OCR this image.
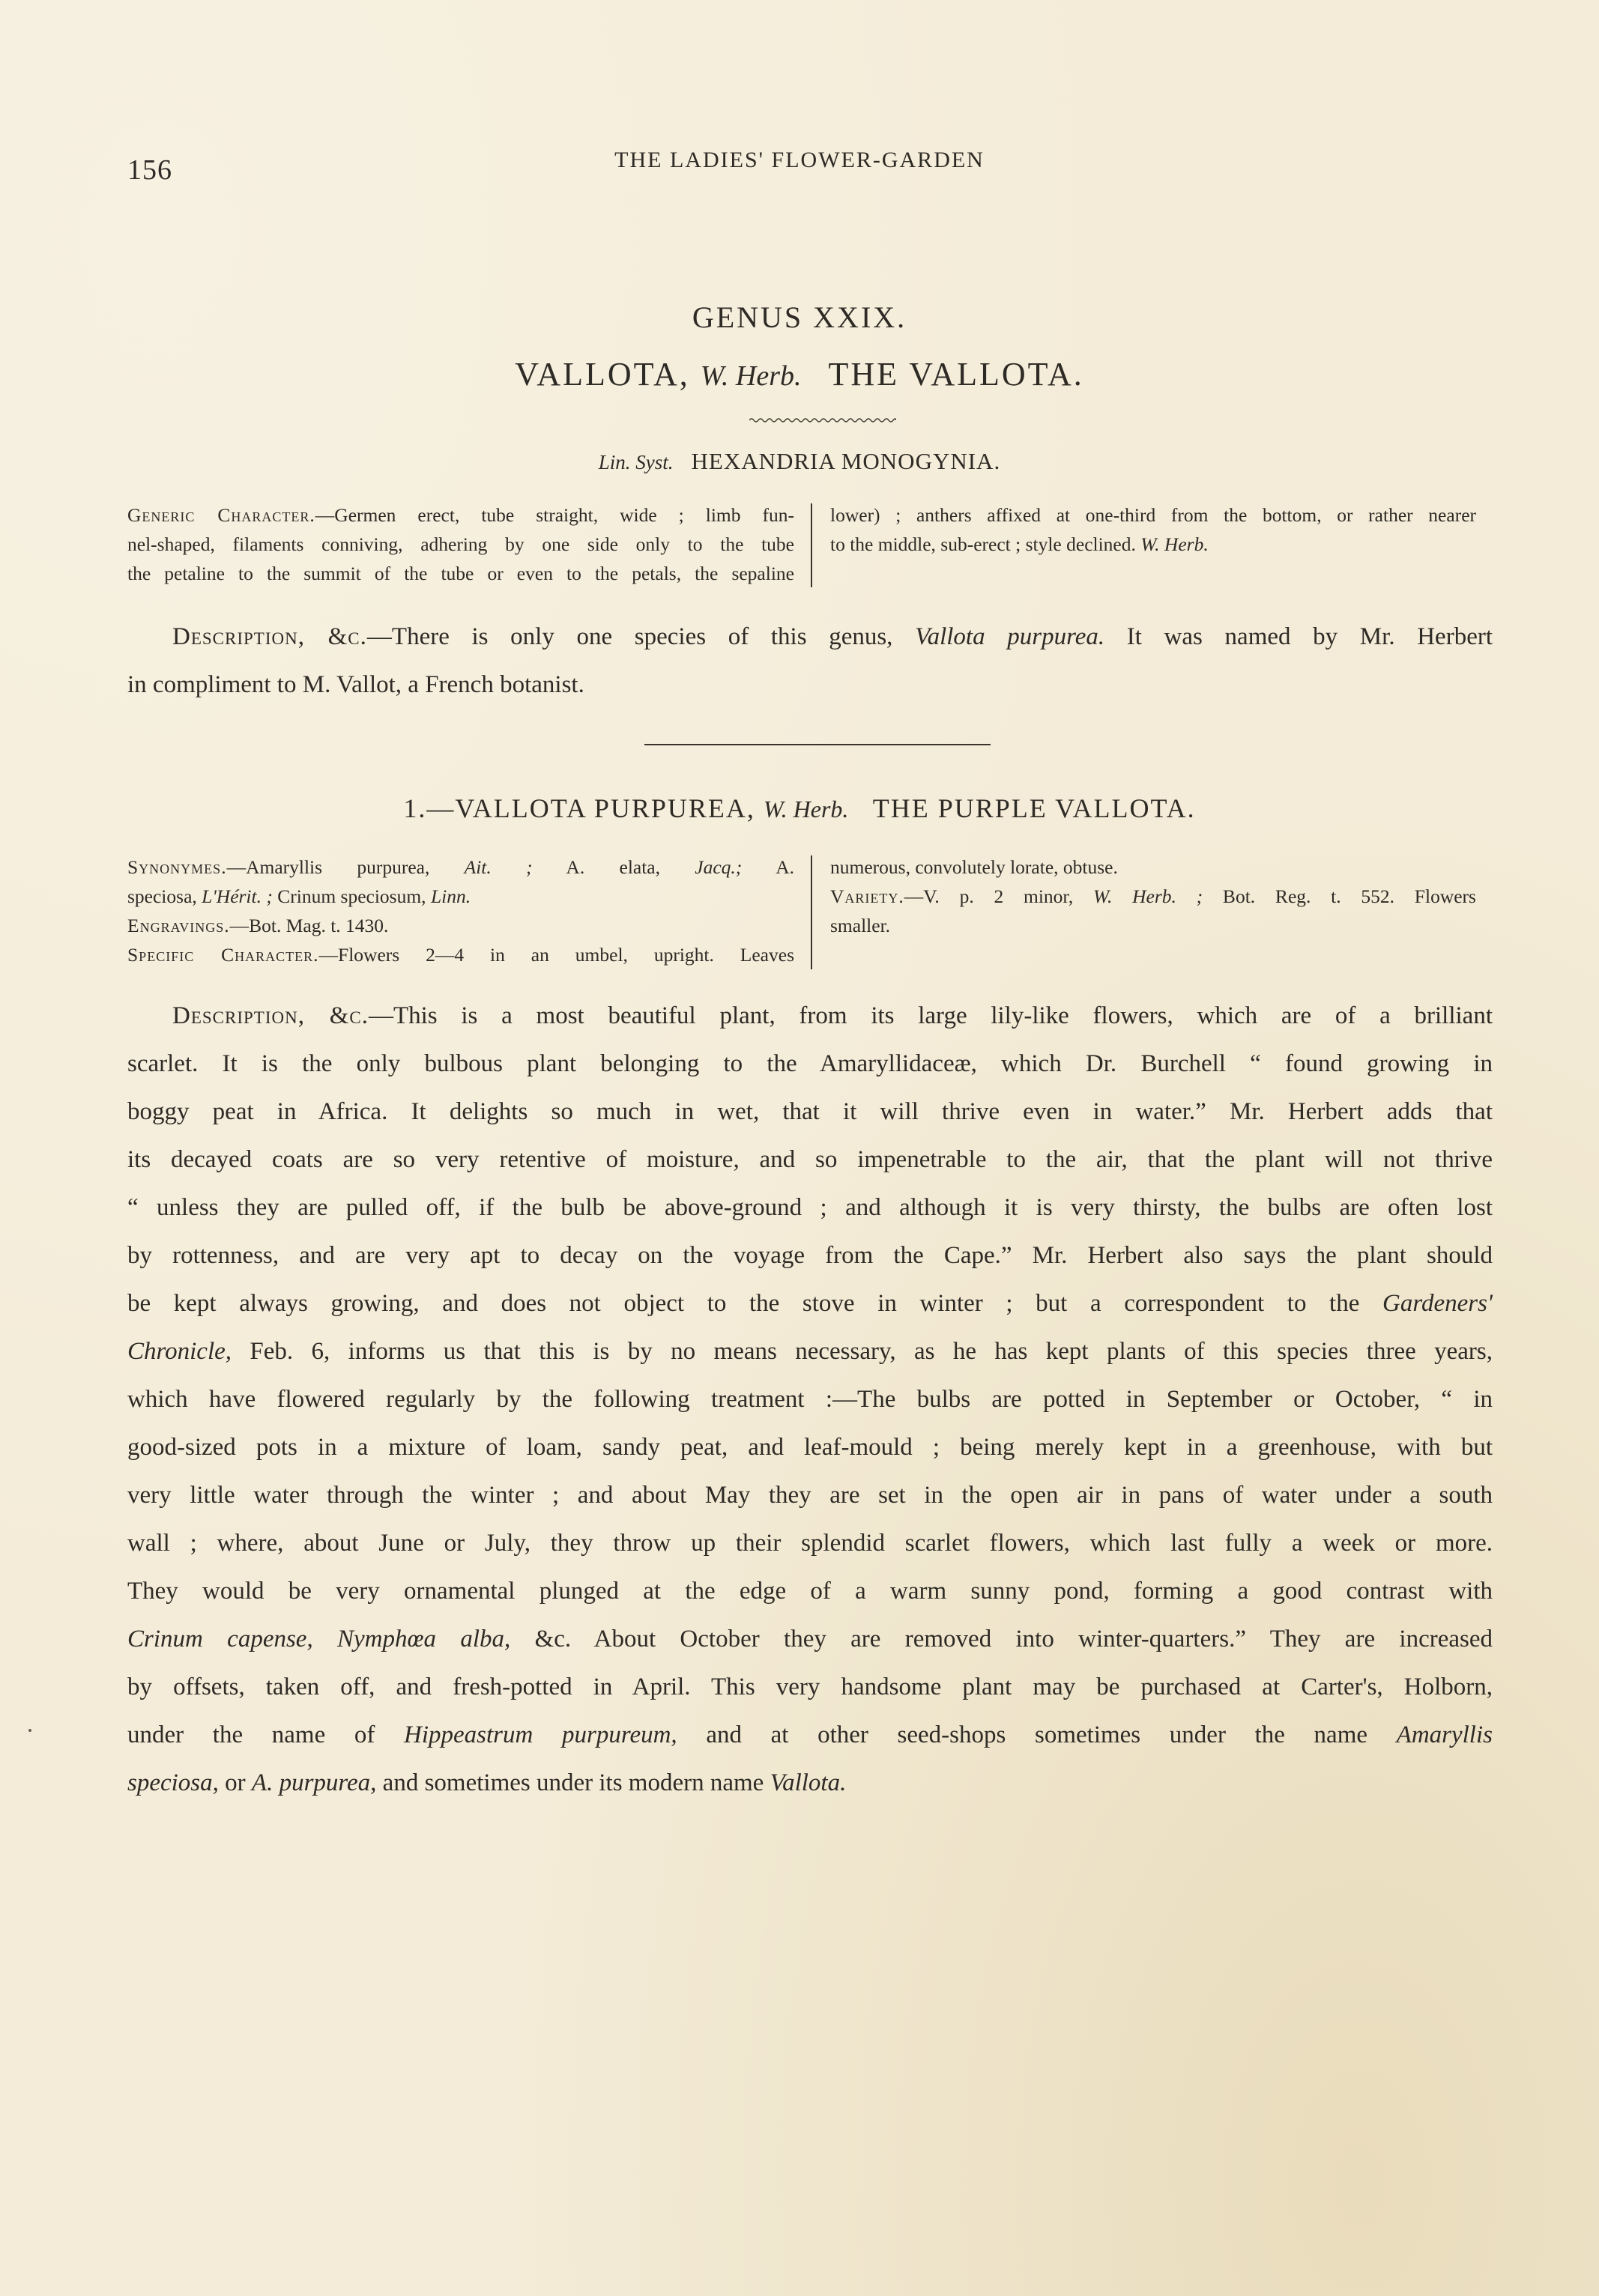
156	THE LADIES' FLOWER-GARDEN
GENUS XXIX.
VALLOTA, W. Herb. THE VALLOTA.
Lin. Syst. HEXANDRIA MONOGYNIA.
Generic Character.—Germen erect, tube straight, wide ; limb fun-
nel-shaped, filaments conniving, adhering by one side only to the tube
the petaline to the summit of the tube or even to the petals, the sepaline
lower) ; anthers affixed at one-third from the bottom, or rather nearer
to the middle, sub-erect ; style declined. W. Herb.
Description, &c.—There is only one species of this genus, Vallota purpurea. It was named by Mr. Herbert
in compliment to M. Vallot, a French botanist.
1.—VALLOTA PURPUREA, W. Herb. THE PURPLE VALLOTA.
Synonymes.—Amaryllis purpurea, Ait. ; A. elata, Jacq.; A.
speciosa, L'Hérit. ; Crinum speciosum, Linn.
Engravings.—Bot. Mag. t. 1430.
Specific Character.—Flowers 2—4 in an umbel, upright. Leaves
numerous, convolutely lorate, obtuse.
Variety.—V. p. 2 minor, W. Herb. ; Bot. Reg. t. 552. Flowers
smaller.
Description, &c.—This is a most beautiful plant, from its large lily-like flowers, which are of a brilliant
scarlet. It is the only bulbous plant belonging to the Amaryllidaceæ, which Dr. Burchell “ found growing in
boggy peat in Africa. It delights so much in wet, that it will thrive even in water.” Mr. Herbert adds that
its decayed coats are so very retentive of moisture, and so impenetrable to the air, that the plant will not thrive
“ unless they are pulled off, if the bulb be above-ground ; and although it is very thirsty, the bulbs are often lost
by rottenness, and are very apt to decay on the voyage from the Cape.” Mr. Herbert also says the plant should
be kept always growing, and does not object to the stove in winter ; but a correspondent to the Gardeners'
Chronicle, Feb. 6, informs us that this is by no means necessary, as he has kept plants of this species three years,
which have flowered regularly by the following treatment :—The bulbs are potted in September or October, “ in
good-sized pots in a mixture of loam, sandy peat, and leaf-mould ; being merely kept in a greenhouse, with but
very little water through the winter ; and about May they are set in the open air in pans of water under a south
wall ; where, about June or July, they throw up their splendid scarlet flowers, which last fully a week or more.
They would be very ornamental plunged at the edge of a warm sunny pond, forming a good contrast with
Crinum capense, Nymphœa alba, &c. About October they are removed into winter-quarters.” They are increased
by offsets, taken off, and fresh-potted in April. This very handsome plant may be purchased at Carter's, Holborn,
under the name of Hippeastrum purpureum, and at other seed-shops sometimes under the name Amaryllis
speciosa, or A. purpurea, and sometimes under its modern name Vallota.
